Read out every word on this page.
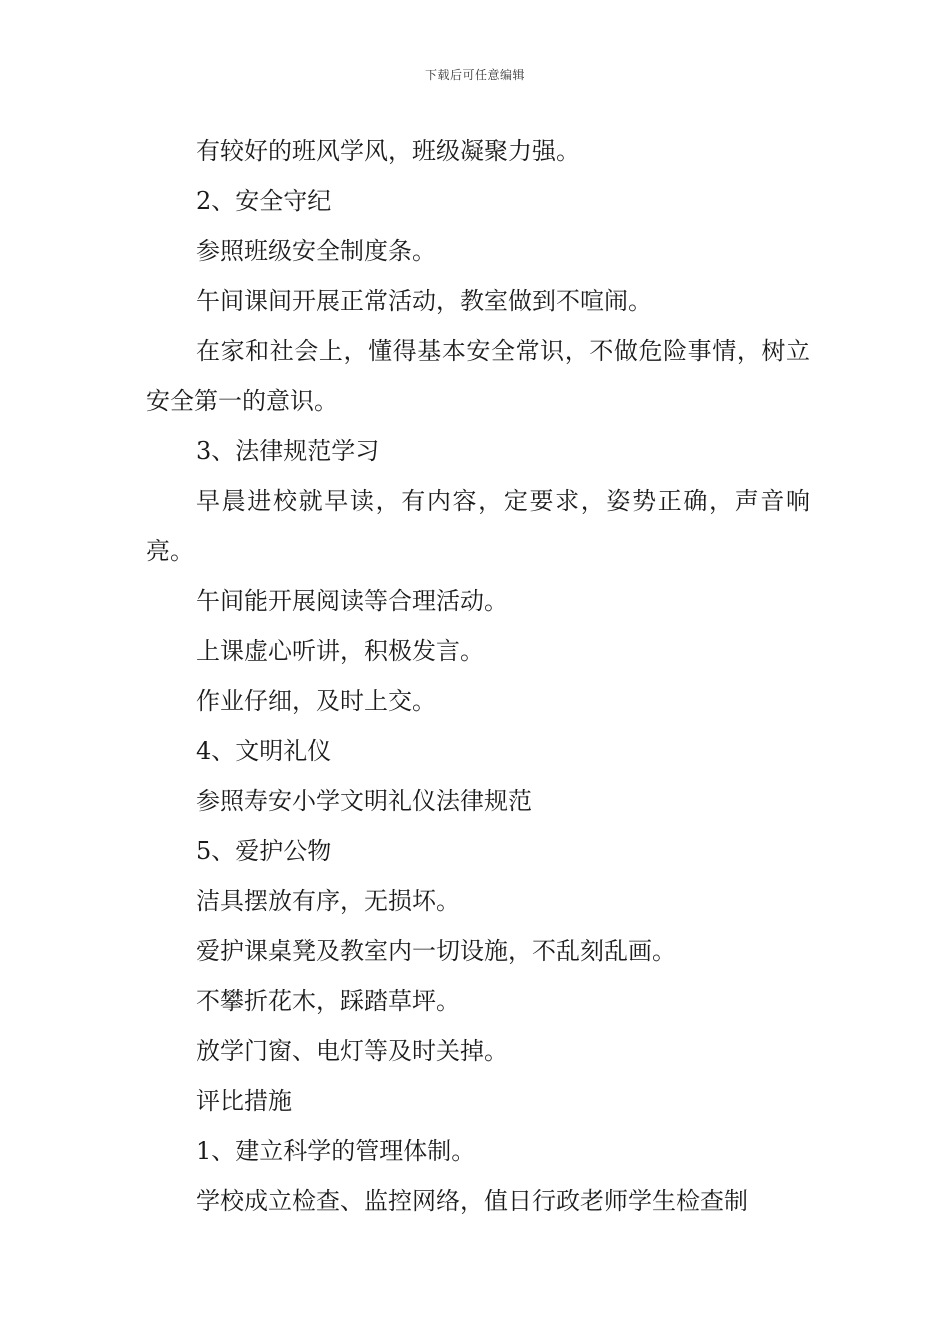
下载后可任意编辑

有较好的班风学风，班级凝聚力强。

2、安全守纪

参照班级安全制度条。

午间课间开展正常活动，教室做到不喧闹。

在家和社会上，懂得基本安全常识，不做危险事情，树立安全第一的意识。

3、法律规范学习

早晨进校就早读，有内容，定要求，姿势正确，声音响亮。

午间能开展阅读等合理活动。

上课虚心听讲，积极发言。

作业仔细，及时上交。

4、文明礼仪

参照寿安小学文明礼仪法律规范

5、爱护公物

洁具摆放有序，无损坏。

爱护课桌凳及教室内一切设施，不乱刻乱画。

不攀折花木，踩踏草坪。

放学门窗、电灯等及时关掉。

评比措施

1、建立科学的管理体制。

学校成立检查、监控网络，值日行政老师学生检查制
